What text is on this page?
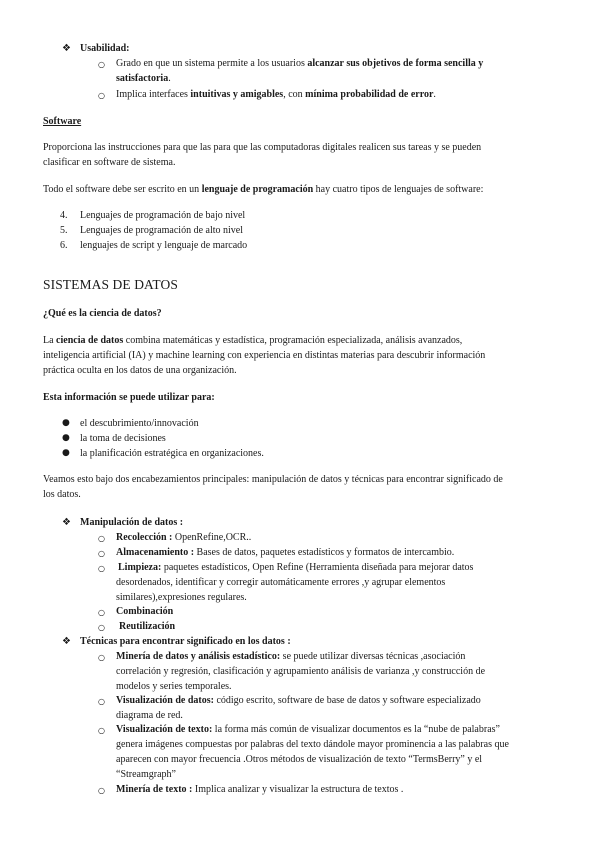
❖ Usabilidad:
○ Grado en que un sistema permite a los usuarios alcanzar sus objetivos de forma sencilla y
satisfactoria.
○ Implica interfaces intuitivas y amigables, con mínima probabilidad de error.
Software
Proporciona las instrucciones para que las para que las computadoras digitales realicen sus tareas y se pueden
clasificar en software de sistema.
Todo el software debe ser escrito en un lenguaje de programación hay cuatro tipos de lenguajes de software:
4. Lenguajes de programación de bajo nivel
5. Lenguajes de programación de alto nivel
6. lenguajes de script y lenguaje de marcado
SISTEMAS DE DATOS
¿Qué es la ciencia de datos?
La ciencia de datos combina matemáticas y estadística, programación especializada, análisis avanzados,
inteligencia artificial (IA) y machine learning con experiencia en distintas materias para descubrir información
práctica oculta en los datos de una organización.
Esta información se puede utilizar para:
● el descubrimiento/innovación
● la toma de decisiones
● la planificación estratégica en organizaciones.
Veamos esto bajo dos encabezamientos principales: manipulación de datos y técnicas para encontrar significado de
los datos.
❖ Manipulación de datos :
○ Recolección : OpenRefine,OCR..
○ Almacenamiento : Bases de datos, paquetes estadísticos y formatos de intercambio.
○ Limpieza: paquetes estadísticos, Open Refine (Herramienta diseñada para mejorar datos
desordenados, identificar y corregir automáticamente errores ,y agrupar elementos
similares),expresiones regulares.
○ Combinación
○ Reutilización
❖ Técnicas para encontrar significado en los datos :
○ Minería de datos y análisis estadístico: se puede utilizar diversas técnicas ,asociación
correlación y regresión, clasificación y agrupamiento análisis de varianza ,y construcción de
modelos y series temporales.
○ Visualización de datos: código escrito, software de base de datos y software especializado
diagrama de red.
○ Visualización de texto: la forma más común de visualizar documentos es la “nube de palabras”
genera imágenes compuestas por palabras del texto dándole mayor prominencia a las palabras que
aparecen con mayor frecuencia .Otros métodos de visualización de texto “TermsBerry” y el
“Streamgraph”
○ Minería de texto : Implica analizar y visualizar la estructura de textos .
